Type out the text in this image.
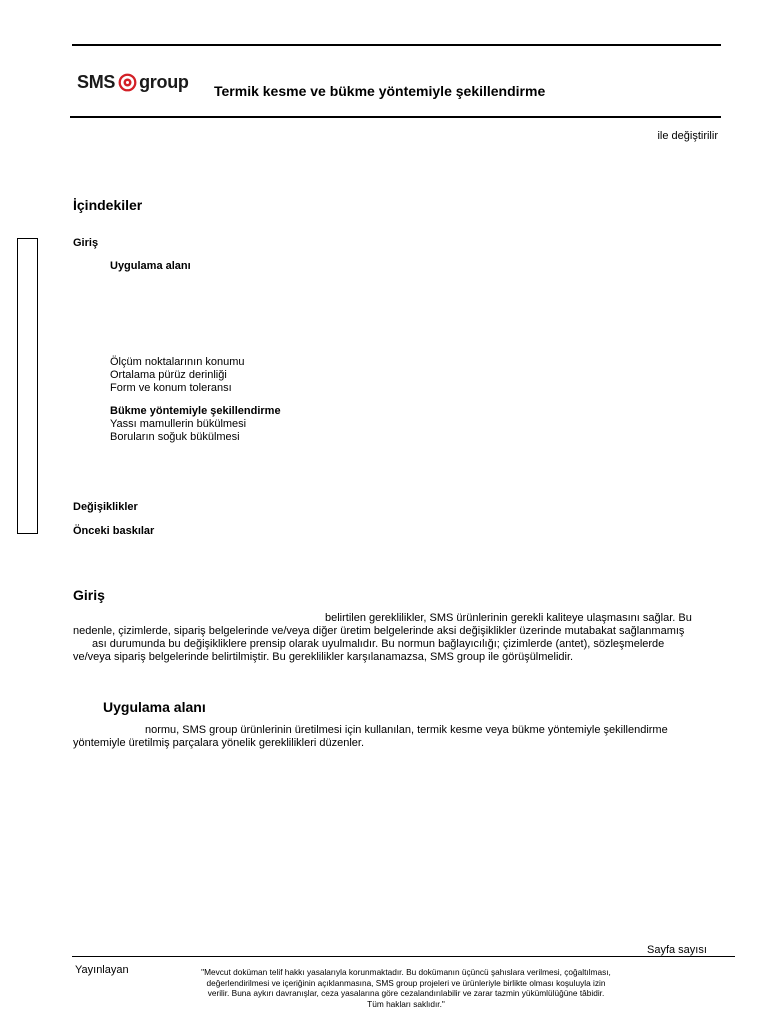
SMS group Termik kesme ve bükme yöntemiyle şekillendirme
ile değiştirilir
İçindekiler
Giriş
Uygulama alanı
Ölçüm noktalarının konumu
Ortalama pürüz derinliği
Form ve konum toleransı
Bükme yöntemiyle şekillendirme
Yassı mamullerin bükülmesi
Boruların soğuk bükülmesi
Değişiklikler
Önceki baskılar
Giriş
belirtilen gereklilikler, SMS ürünlerinin gerekli kaliteye ulaşmasını sağlar. Bu
nedenle, çizimlerde, sipariş belgelerinde ve/veya diğer üretim belgelerinde aksi değişiklikler üzerinde mutabakat sağlanmamış
ası durumunda bu değişikliklere prensip olarak uyulmalıdır. Bu normun bağlayıcılığı; çizimlerde (antet), sözleşmelerde
ve/veya sipariş belgelerinde belirtilmiştir. Bu gereklilikler karşılanamazsa, SMS group ile görüşülmelidir.
Uygulama alanı
normu, SMS group ürünlerinin üretilmesi için kullanılan, termik kesme veya bükme yöntemiyle şekillendirme
yöntemiyle üretilmiş parçalara yönelik gereklilikleri düzenler.
Sayfa sayısı
Yayınlayan	"Mevcut doküman telif hakkı yasalarıyla korunmaktadır. Bu dokümanın üçüncü şahıslara verilmesi, çoğaltılması,
değerlendirilmesi ve içeriğinin açıklanmasına, SMS group projeleri ve ürünleriyle birlikte olması koşuluyla izin
verilir. Buna aykırı davranışlar, ceza yasalarına göre cezalandırılabilir ve zarar tazmin yükümlülüğüne tâbidir.
Tüm hakları saklıdır."
